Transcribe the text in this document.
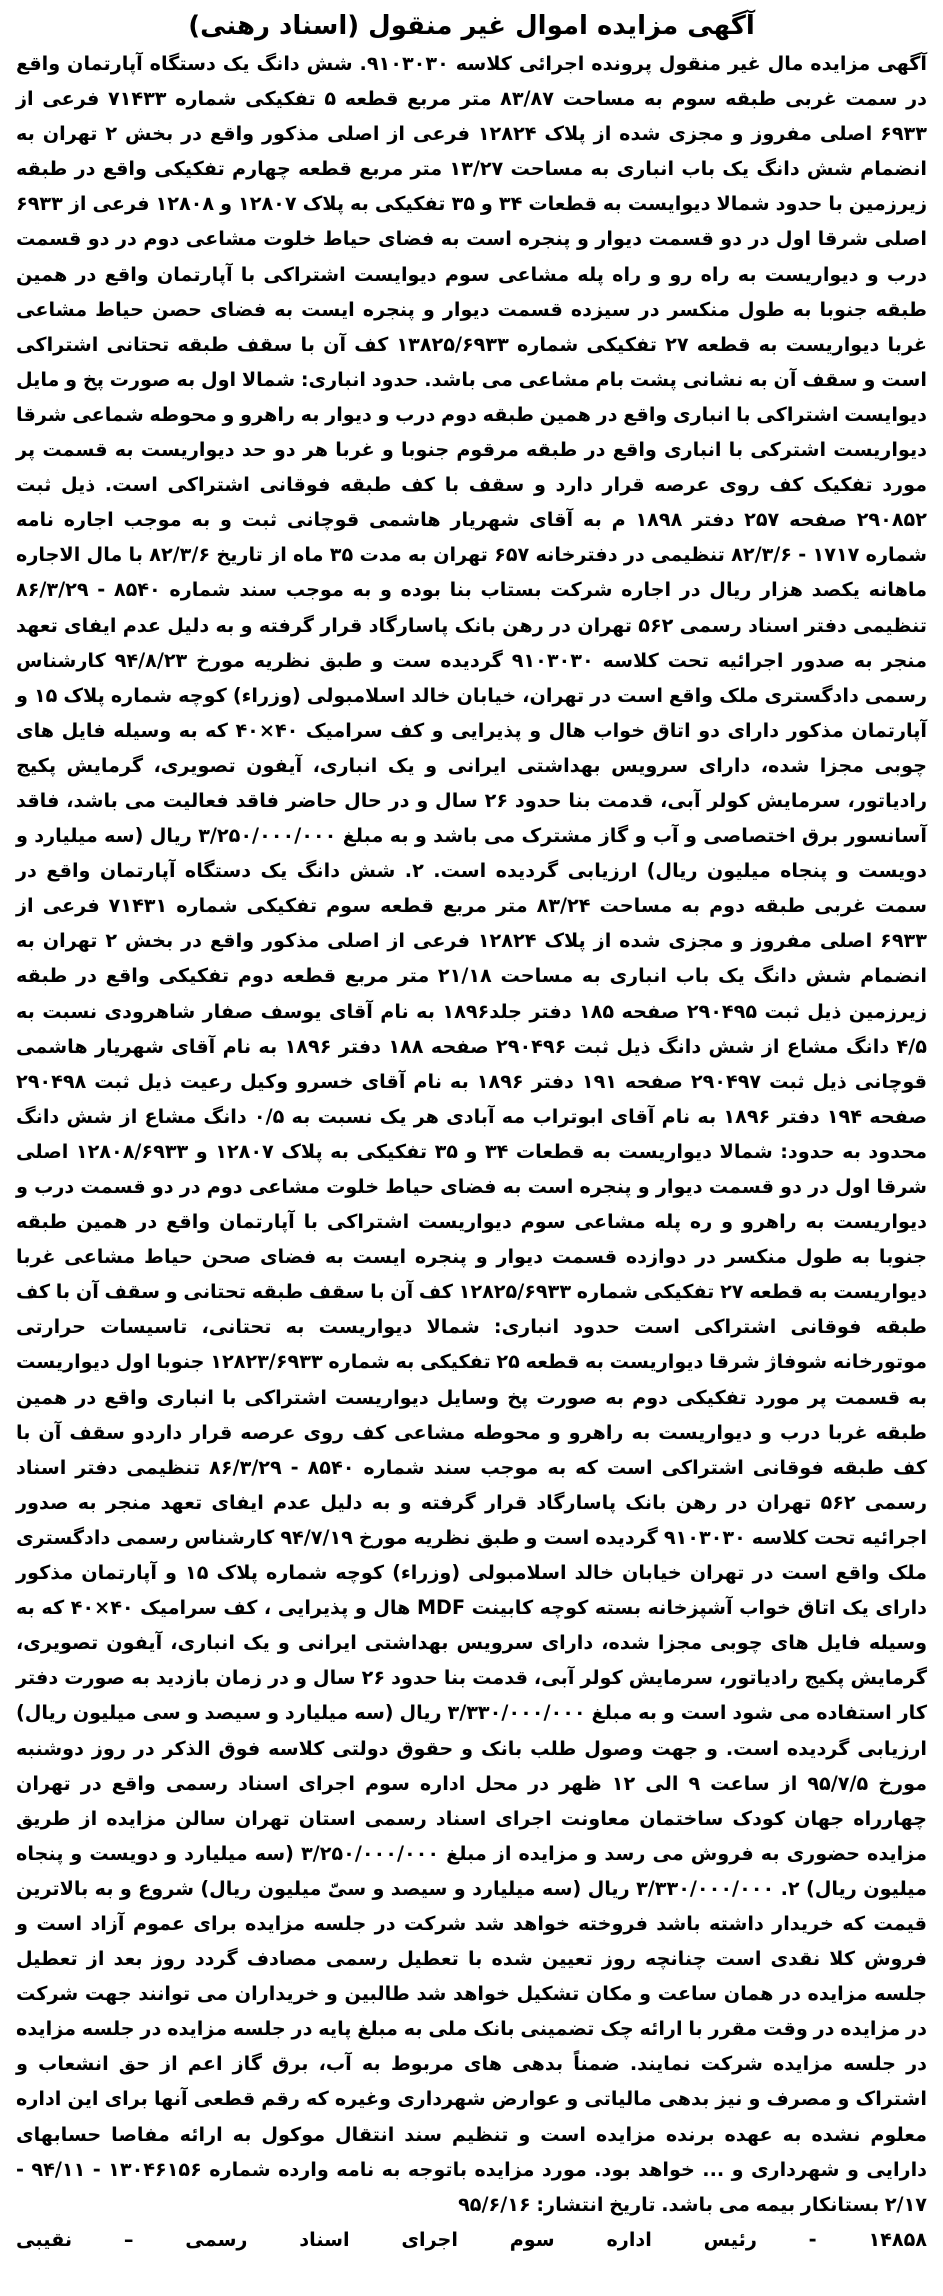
آگهی مزایده اموال غیر منقول (اسناد رهنی)

آگهی مزایده مال غیر منقول پرونده اجرائی کلاسه ۹۱۰۳۰۳۰. شش دانگ یک دستگاه آپارتمان واقع در سمت غربی طبقه سوم به مساحت ۸۳/۸۷ متر مربع قطعه ۵ تفکیکی شماره ۷۱۴۳۳ فرعی از ۶۹۳۳ اصلی مفروز و مجزی شده از پلاک ۱۲۸۲۴ فرعی از اصلی مذکور واقع در بخش ۲ تهران به انضمام شش دانگ یک باب انباری به مساحت ۱۳/۲۷ متر مربع قطعه چهارم تفکیکی واقع در طبقه زیرزمین با حدود شمالا دیوایست به قطعات ۳۴ و ۳۵ تفکیکی به پلاک ۱۲۸۰۷ و ۱۲۸۰۸ فرعی از ۶۹۳۳ اصلی شرقا اول در دو قسمت دیوار و پنجره است به فضای حیاط خلوت مشاعی دوم در دو قسمت درب و دیواریست به راه رو و راه پله مشاعی سوم دیوایست اشتراکی با آپارتمان واقع در همین طبقه جنوبا به طول منکسر در سیزده قسمت دیوار و پنجره ایست به فضای حصن حیاط مشاعی غربا دیواریست به قطعه ۲۷ تفکیکی شماره ۱۳۸۲۵/۶۹۳۳ کف آن با سقف طبقه تحتانی اشتراکی است و سقف آن به نشانی پشت بام مشاعی می باشد. حدود انباری: شمالا اول به صورت پخ و مایل دیوایست اشتراکی با انباری واقع در همین طبقه دوم درب و دیوار به راهرو و محوطه شماعی شرقا دیواریست اشترکی با انباری واقع در طبقه مرقوم جنوبا و غربا هر دو حد دیواریست به قسمت پر مورد تفکیک کف روی عرصه قرار دارد و سقف با کف طبقه فوقانی اشتراکی است. ذیل ثبت ۲۹۰۸۵۲ صفحه ۲۵۷ دفتر ۱۸۹۸ م به آقای شهریار هاشمی قوچانی ثبت و به موجب اجاره نامه شماره ۱۷۱۷ - ۸۲/۳/۶ تنظیمی در دفترخانه ۶۵۷ تهران به مدت ۳۵ ماه از تاریخ ۸۲/۳/۶ با مال الاجاره ماهانه یکصد هزار ریال در اجاره شرکت بستاب بنا بوده و به موجب سند شماره ۸۵۴۰ - ۸۶/۳/۲۹ تنظیمی دفتر اسناد رسمی ۵۶۲ تهران در رهن بانک پاسارگاد قرار گرفته و به دلیل عدم ایفای تعهد منجر به صدور اجرائیه تحت کلاسه ۹۱۰۳۰۳۰ گردیده ست و طبق نظریه مورخ ۹۴/۸/۲۳ کارشناس رسمی دادگستری ملک واقع است در تهران، خیابان خالد اسلامبولی (وزراء) کوچه شماره پلاک ۱۵ و آپارتمان مذکور دارای دو اتاق خواب هال و پذیرایی و کف سرامیک ۴۰×۴۰ که به وسیله فایل های چوبی مجزا شده، دارای سرویس بهداشتی ایرانی و یک انباری، آیفون تصویری، گرمایش پکیج رادیاتور، سرمایش کولر آبی، قدمت بنا حدود ۲۶ سال و در حال حاضر فاقد فعالیت می باشد، فاقد آسانسور برق اختصاصی و آب و گاز مشترک می باشد و به مبلغ ۳/۲۵۰/۰۰۰/۰۰۰ ریال (سه میلیارد و دویست و پنجاه میلیون ریال) ارزیابی گردیده است. ۲. شش دانگ یک دستگاه آپارتمان واقع در سمت غربی طبقه دوم به مساحت ۸۳/۲۴ متر مربع قطعه سوم تفکیکی شماره ۷۱۴۳۱ فرعی از ۶۹۳۳ اصلی مفروز و مجزی شده از پلاک ۱۲۸۲۴ فرعی از اصلی مذکور واقع در بخش ۲ تهران به انضمام شش دانگ یک باب انباری به مساحت ۲۱/۱۸ متر مربع قطعه دوم تفکیکی واقع در طبقه زیرزمین ذیل ثبت ۲۹۰۴۹۵ صفحه ۱۸۵ دفتر جلد۱۸۹۶ به نام آقای یوسف صفار شاهرودی نسبت به ۴/۵ دانگ مشاع از شش دانگ ذیل ثبت ۲۹۰۴۹۶ صفحه ۱۸۸ دفتر ۱۸۹۶ به نام آقای شهریار هاشمی قوچانی ذیل ثبت ۲۹۰۴۹۷ صفحه ۱۹۱ دفتر ۱۸۹۶ به نام آقای خسرو وکیل رعیت ذیل ثبت ۲۹۰۴۹۸ صفحه ۱۹۴ دفتر ۱۸۹۶ به نام آقای ابوتراب مه آبادی هر یک نسبت به ۰/۵ دانگ مشاع از شش دانگ محدود به حدود: شمالا دیواریست به قطعات ۳۴ و ۳۵ تفکیکی به پلاک ۱۲۸۰۷ و ۱۲۸۰۸/۶۹۳۳ اصلی شرقا اول در دو قسمت دیوار و پنجره است به فضای حیاط خلوت مشاعی دوم در دو قسمت درب و دیواریست به راهرو و ره پله مشاعی سوم دیواریست اشتراکی با آپارتمان واقع در همین طبقه جنوبا به طول منکسر در دوازده قسمت دیوار و پنجره ایست به فضای صحن حیاط مشاعی غربا دیواریست به قطعه ۲۷ تفکیکی شماره ۱۲۸۲۵/۶۹۳۳ کف آن با سقف طبقه تحتانی و سقف آن با کف طبقه فوقانی اشتراکی است حدود انباری: شمالا دیواریست به تحتانی، تاسیسات حرارتی موتورخانه شوفاژ شرقا دیواریست به قطعه ۲۵ تفکیکی به شماره ۱۲۸۲۳/۶۹۳۳ جنوبا اول دیواریست به قسمت پر مورد تفکیکی دوم به صورت پخ وسایل دیواریست اشتراکی با انباری واقع در همین طبقه غربا درب و دیواریست به راهرو و محوطه مشاعی کف روی عرصه قرار داردو سقف آن با کف طبقه فوقانی اشتراکی است که به موجب سند شماره ۸۵۴۰ - ۸۶/۳/۲۹ تنظیمی دفتر اسناد رسمی ۵۶۲ تهران در رهن بانک پاسارگاد قرار گرفته و به دلیل عدم ایفای تعهد منجر به صدور اجرائیه تحت کلاسه ۹۱۰۳۰۳۰ گردیده است و طبق نظریه مورخ ۹۴/۷/۱۹ کارشناس رسمی دادگستری ملک واقع است در تهران خیابان خالد اسلامبولی (وزراء) کوچه شماره پلاک ۱۵ و آپارتمان مذکور دارای یک اتاق خواب آشپزخانه بسته کوچه کابینت MDF هال و پذیرایی ، کف سرامیک ۴۰×۴۰ که به وسیله فایل های چوبی مجزا شده، دارای سرویس بهداشتی ایرانی و یک انباری، آیفون تصویری، گرمایش پکیج رادیاتور، سرمایش کولر آبی، قدمت بنا حدود ۲۶ سال و در زمان بازدید به صورت دفتر کار استفاده می شود است و به مبلغ ۳/۳۳۰/۰۰۰/۰۰۰ ریال (سه میلیارد و سیصد و سی میلیون ریال) ارزیابی گردیده است. و جهت وصول طلب بانک و حقوق دولتی کلاسه فوق الذکر در روز دوشنبه مورخ ۹۵/۷/۵ از ساعت ۹ الی ۱۲ ظهر در محل اداره سوم اجرای اسناد رسمی واقع در تهران چهارراه جهان کودک ساختمان معاونت اجرای اسناد رسمی استان تهران سالن مزایده از طریق مزایده حضوری به فروش می رسد و مزایده از مبلغ ۳/۲۵۰/۰۰۰/۰۰۰ (سه میلیارد و دویست و پنجاه میلیون ریال) ۲. ۳/۳۳۰/۰۰۰/۰۰۰ ریال (سه میلیارد و سیصد و سیّ میلیون ریال) شروع و به بالاترین قیمت که خریدار داشته باشد فروخته خواهد شد شرکت در جلسه مزایده برای عموم آزاد است و فروش کلا نقدی است چنانچه روز تعیین شده با تعطیل رسمی مصادف گردد روز بعد از تعطیل جلسه مزایده در همان ساعت و مکان تشکیل خواهد شد طالبین و خریداران می توانند جهت شرکت در مزایده در وقت مقرر با ارائه چک تضمینی بانک ملی به مبلغ پایه در جلسه مزایده در جلسه مزایده در جلسه مزایده شرکت نمایند. ضمناً بدهی های مربوط به آب، برق گاز اعم از حق انشعاب و اشتراک و مصرف و نیز بدهی مالیاتی و عوارض شهرداری وغیره که رقم قطعی آنها برای این اداره معلوم نشده به عهده برنده مزایده است و تنظیم سند انتقال موکول به ارائه مفاصا حسابهای دارایی و شهرداری و ... خواهد بود. مورد مزایده باتوجه به نامه وارده شماره ۱۳۰۴۶۱۵۶ - ۹۴/۱۱ - ۲/۱۷ بستانکار بیمه می باشد. تاریخ انتشار: ۹۵/۶/۱۶

۱۴۸۵۸ - رئیس اداره سوم اجرای اسناد رسمی – نقیبی
